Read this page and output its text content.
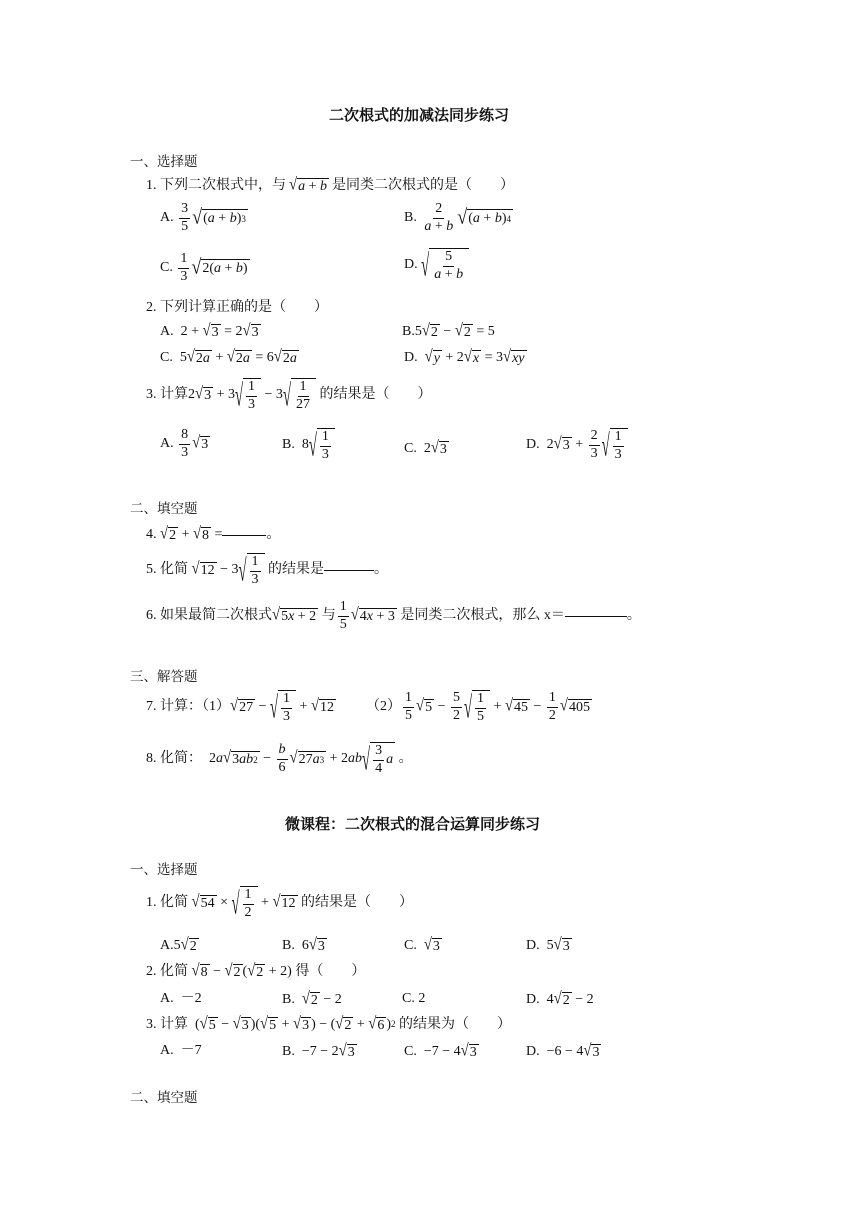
二次根式的加减法同步练习
一、选择题
1. 下列二次根式中，与 √ a + b 是同类二次根式的是（　　）
A.
$\frac{3}{5}$ √ ( a + b ) 3	B.
$\frac{2}{a + b}$ √ ( a + b ) 4
C.
$\frac{1}{3}$ √ 2( a + b )	D.
√ $\frac{5}{a + b}$
2. 下列计算正确的是（　　）
A. 2 + √ 3 = 2 √ 3	B. 5 √ 2 − √ 2 = 5
C. 5 √ 2 a + √ 2 a = 6 √ 2 a	D.
√ y + 2 √ x = 3 √ xy
3. 计算 2 √ 3 + 3 √ $\frac{1}{3} - 3$ √ $\frac{1}{27}$
的结果是（　　）
A.
$\frac{8}{3}$ √ 3	B. 8 √ $\frac{1}{3}$	C. 2 √ 3	D. 2 √ $3 + \frac{2}{3}$ √ $\frac{1}{3}$
二、填空题
4.
√ 2 + √ 8 =	。
5. 化简
√ 12 − 3 √ $\frac{1}{3}$
的结果是	。
6. 如果最简二次根式 √ 5 x + 2
与 $\frac{1}{5}$ √ 4 x + 3
是同类二次根式，那么 x＝	。
三、解答题
7. 计算：（1） √ 27 − √ $\frac{1}{3}$ + √ 12 $(2) \frac{1}{5}$ √ $5 - \frac{5}{2}$ √ $\frac{1}{5}$ + √ $45 - \frac{1}{2}$ √ 405
8. 化简： 2 a √ 3 ab $2 - \frac{b}{6}$ √ 27 a 3 + 2 ab √ $\frac{3}{4}$ a
。
微课程：二次根式的混合运算同步练习
一、选择题
1. 化简
√ 54 × √ $\frac{1}{2}$ + √ 12
的结果是（　　）
A. 5 √ 2	B. 6 √ 3	C.
√ 3	D. 5 √ 3
2. 化简
√ 8 − √ 2 ( √ 2 + 2) 得（　　）
A.
－2	B.
√ 2 − 2	C.
2	D. 4 √ 2 − 2
3. 计算 ( √ 5 − √ 3 )( √ 5 + √ 3 ) − ( √ 2 + √ 6 ) 2
的结果为（　　）
A.
－7	B. −7 − 2 √ 3	C. −7 − 4 √ 3	D. −6 − 4 √ 3
二、填空题
